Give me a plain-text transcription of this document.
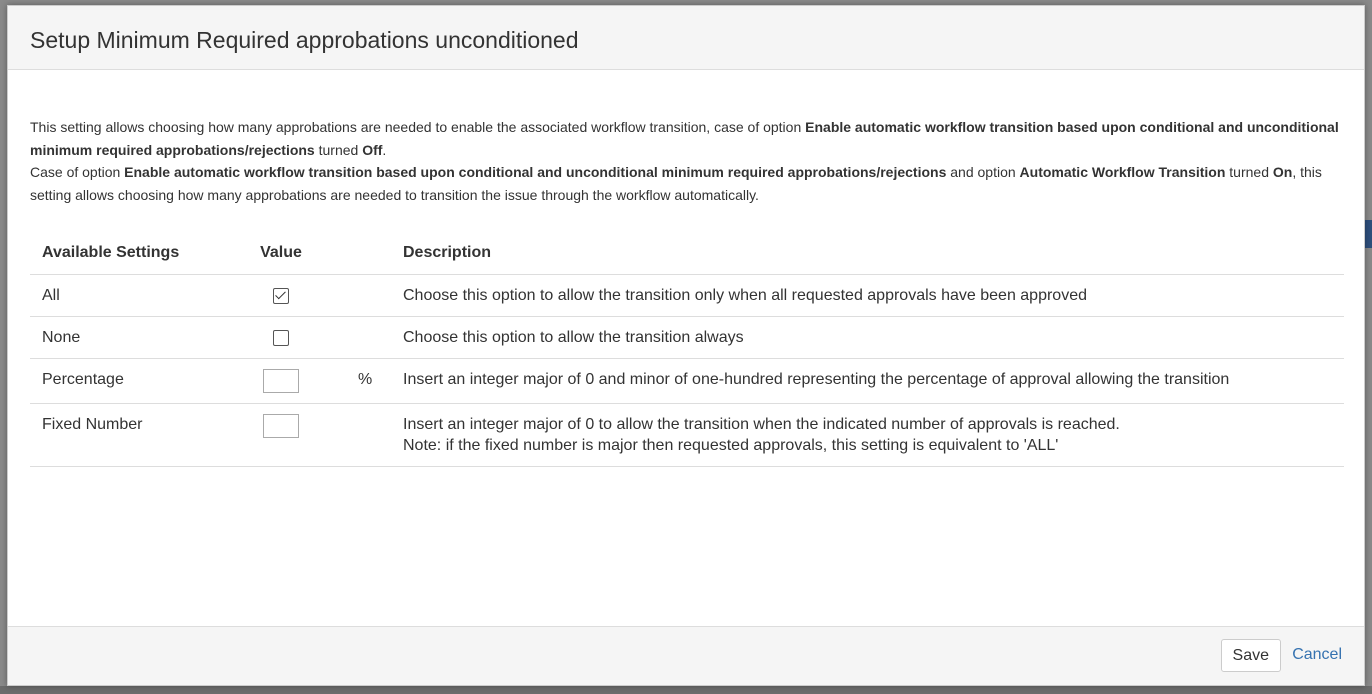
Setup Minimum Required approbations unconditioned

This setting allows choosing how many approbations are needed to enable the associated workflow transition, case of option Enable automatic workflow transition based upon conditional and unconditional minimum required approbations/rejections turned Off.

Case of option Enable automatic workflow transition based upon conditional and unconditional minimum required approbations/rejections and option Automatic Workflow Transition turned On, this setting allows choosing how many approbations are needed to transition the issue through the workflow automatically.

Available Settings	Value		Description
All			Choose this option to allow the transition only when all requested approvals have been approved

None			Choose this option to allow the transition always

Percentage		%	Insert an integer major of 0 and minor of one-hundred representing the percentage of approval allowing the transition

Fixed Number			Insert an integer major of 0 to allow the transition when the indicated number of approvals is reached.
Note: if the fixed number is major then requested approvals, this setting is equivalent to 'ALL'
Save	Cancel
